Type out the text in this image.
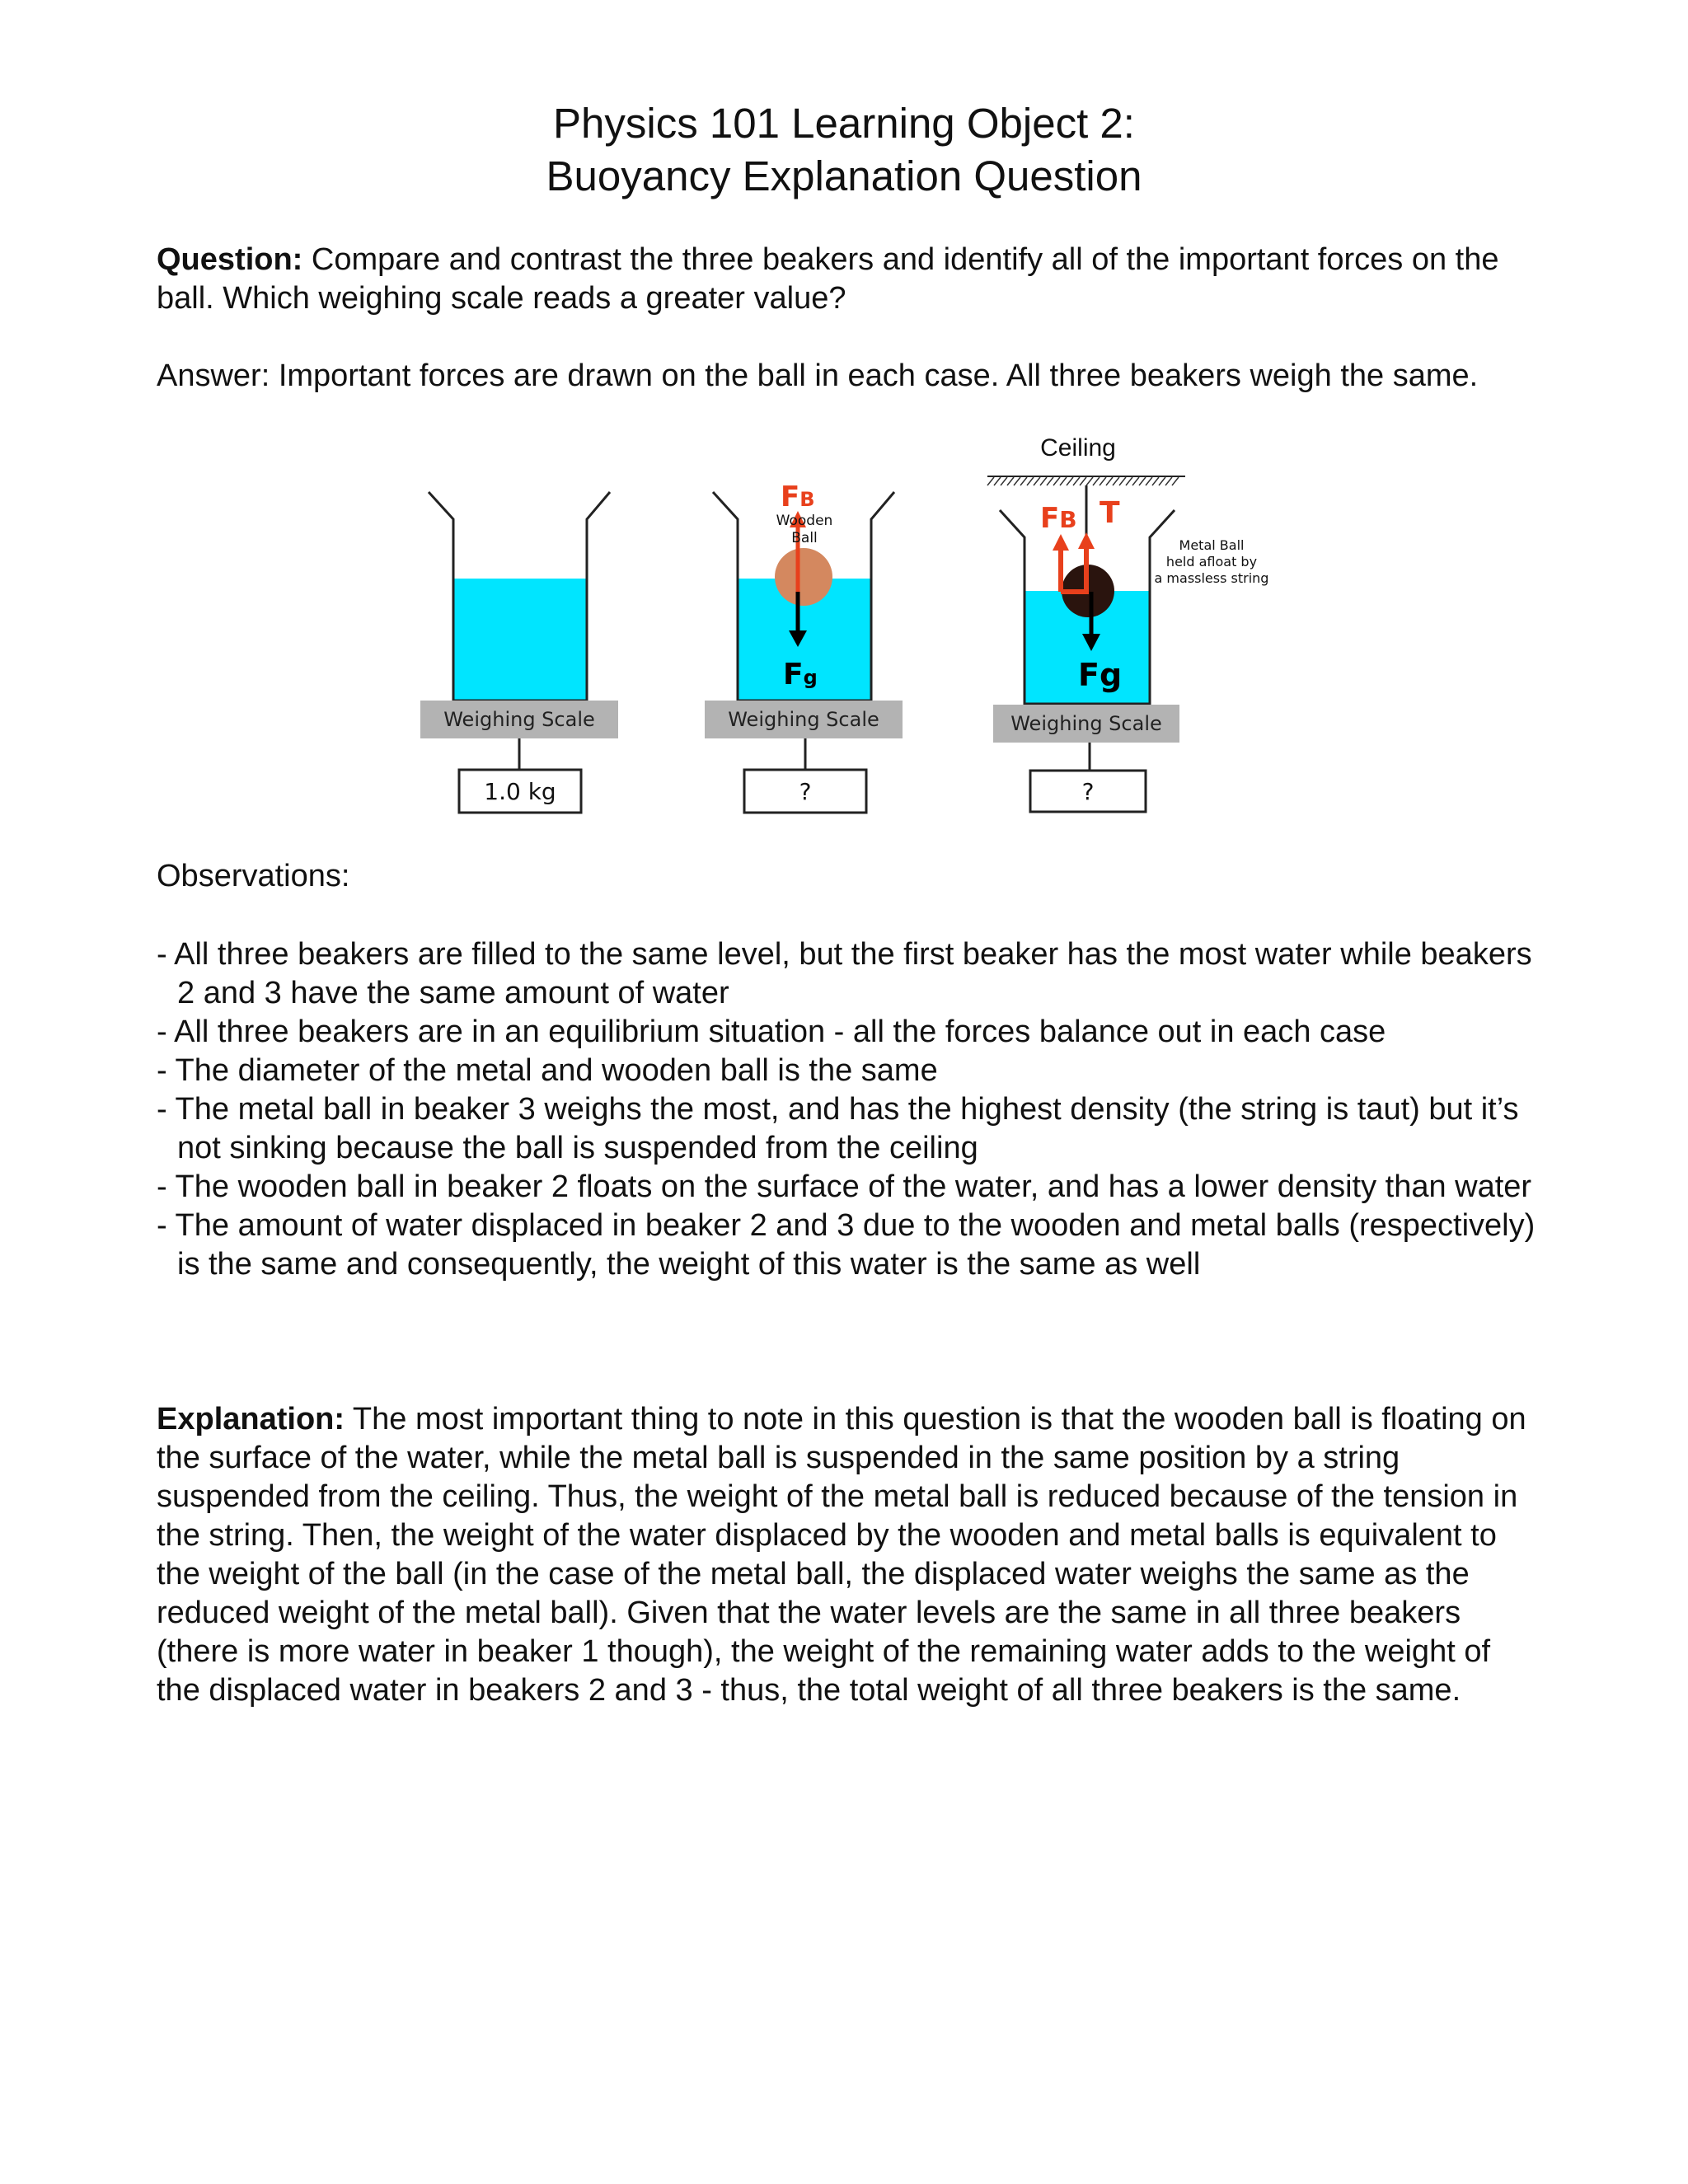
Physics 101 Learning Object 2:
Buoyancy Explanation Question
Question: Compare and contrast the three beakers and identify all of the important forces on the ball. Which weighing scale reads a greater value?
Answer: Important forces are drawn on the ball in each case. All three beakers weigh the same.
Weighing Scale
1.0 kg
FB
Wooden
Ball
Fg
Weighing Scale
?
Ceiling
FB T
Fg
Metal Ball
held afloat by
a massless string
Weighing Scale
?
Observations:
- All three beakers are filled to the same level, but the first beaker has the most water while beakers 2 and 3 have the same amount of water
- All three beakers are in an equilibrium situation - all the forces balance out in each case
- The diameter of the metal and wooden ball is the same
- The metal ball in beaker 3 weighs the most, and has the highest density (the string is taut) but it’s not sinking because the ball is suspended from the ceiling
- The wooden ball in beaker 2 floats on the surface of the water, and has a lower density than water
- The amount of water displaced in beaker 2 and 3 due to the wooden and metal balls (respectively) is the same and consequently, the weight of this water is the same as well
Explanation: The most important thing to note in this question is that the wooden ball is floating on the surface of the water, while the metal ball is suspended in the same position by a string suspended from the ceiling. Thus, the weight of the metal ball is reduced because of the tension in the string. Then, the weight of the water displaced by the wooden and metal balls is equivalent to the weight of the ball (in the case of the metal ball, the displaced water weighs the same as the reduced weight of the metal ball). Given that the water levels are the same in all three beakers (there is more water in beaker 1 though), the weight of the remaining water adds to the weight of the displaced water in beakers 2 and 3 - thus, the total weight of all three beakers is the same.
